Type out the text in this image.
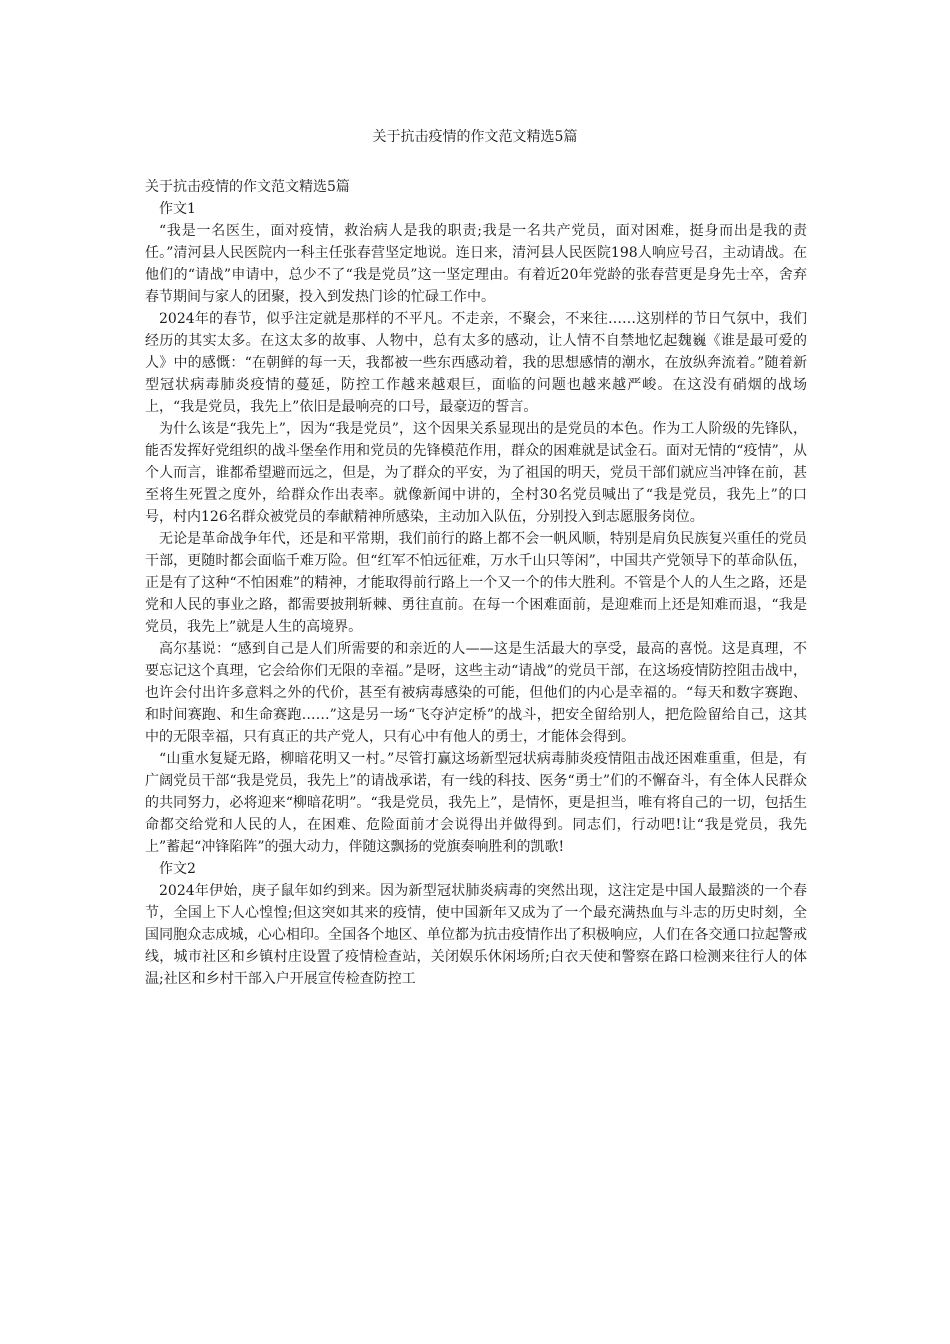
关于抗击疫情的作文范文精选5篇

关于抗击疫情的作文范文精选5篇

作文1

“我是一名医生，面对疫情，救治病人是我的职责;我是一名共产党员，面对困难，挺身而出是我的责任。”清河县人民医院内一科主任张春营坚定地说。连日来，清河县人民医院198人响应号召，主动请战。在他们的“请战”申请中，总少不了“我是党员”这一坚定理由。有着近20年党龄的张春营更是身先士卒，舍弃春节期间与家人的团聚，投入到发热门诊的忙碌工作中。

2024年的春节，似乎注定就是那样的不平凡。不走亲，不聚会，不来往……这别样的节日气氛中，我们经历的其实太多。在这太多的故事、人物中，总有太多的感动，让人情不自禁地忆起魏巍《谁是最可爱的人》中的感慨：“在朝鲜的每一天，我都被一些东西感动着，我的思想感情的潮水，在放纵奔流着。”随着新型冠状病毒肺炎疫情的蔓延，防控工作越来越艰巨，面临的问题也越来越严峻。在这没有硝烟的战场上，“我是党员，我先上”依旧是最响亮的口号，最豪迈的誓言。

为什么该是“我先上”，因为“我是党员”，这个因果关系显现出的是党员的本色。作为工人阶级的先锋队，能否发挥好党组织的战斗堡垒作用和党员的先锋模范作用，群众的困难就是试金石。面对无情的“疫情”，从个人而言，谁都希望避而远之，但是，为了群众的平安，为了祖国的明天，党员干部们就应当冲锋在前，甚至将生死置之度外，给群众作出表率。就像新闻中讲的，全村30名党员喊出了“我是党员，我先上”的口号，村内126名群众被党员的奉献精神所感染，主动加入队伍，分别投入到志愿服务岗位。

无论是革命战争年代，还是和平常期，我们前行的路上都不会一帆风顺，特别是肩负民族复兴重任的党员干部，更随时都会面临千难万险。但“红军不怕远征难，万水千山只等闲”，中国共产党领导下的革命队伍，正是有了这种“不怕困难”的精神，才能取得前行路上一个又一个的伟大胜利。不管是个人的人生之路，还是党和人民的事业之路，都需要披荆斩棘、勇往直前。在每一个困难面前，是迎难而上还是知难而退，“我是党员，我先上”就是人生的高境界。

高尔基说：“感到自己是人们所需要的和亲近的人——这是生活最大的享受，最高的喜悦。这是真理，不要忘记这个真理，它会给你们无限的幸福。”是呀，这些主动“请战”的党员干部，在这场疫情防控阻击战中，也许会付出许多意料之外的代价，甚至有被病毒感染的可能，但他们的内心是幸福的。“每天和数字赛跑、和时间赛跑、和生命赛跑……”这是另一场“飞夺泸定桥”的战斗，把安全留给别人，把危险留给自己，这其中的无限幸福，只有真正的共产党人，只有心中有他人的勇士，才能体会得到。

“山重水复疑无路，柳暗花明又一村。”尽管打赢这场新型冠状病毒肺炎疫情阻击战还困难重重，但是，有广阔党员干部“我是党员，我先上”的请战承诺，有一线的科技、医务“勇士”们的不懈奋斗，有全体人民群众的共同努力，必将迎来“柳暗花明”。“我是党员，我先上”，是情怀，更是担当，唯有将自己的一切，包括生命都交给党和人民的人，在困难、危险面前才会说得出并做得到。同志们，行动吧!让“我是党员，我先上”蓄起“冲锋陷阵”的强大动力，伴随这飘扬的党旗奏响胜利的凯歌!

作文2

2024年伊始，庚子鼠年如约到来。因为新型冠状肺炎病毒的突然出现，这注定是中国人最黯淡的一个春节，全国上下人心惶惶;但这突如其来的疫情，使中国新年又成为了一个最充满热血与斗志的历史时刻，全国同胞众志成城，心心相印。全国各个地区、单位都为抗击疫情作出了积极响应，人们在各交通口拉起警戒线，城市社区和乡镇村庄设置了疫情检查站，关闭娱乐休闲场所;白衣天使和警察在路口检测来往行人的体温;社区和乡村干部入户开展宣传检查防控工
